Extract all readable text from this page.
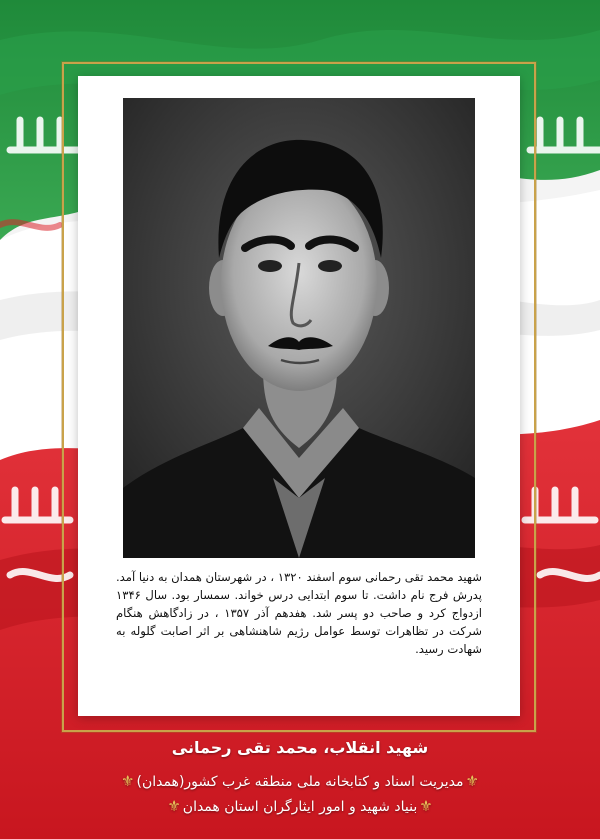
شهید محمد تقی رحمانی سوم اسفند ۱۳۲۰ ، در شهرستان همدان به دنیا آمد. پدرش فرج نام داشت. تا سوم ابتدایی درس خواند. سمسار بود. سال ۱۳۴۶ ازدواج کرد و صاحب دو پسر شد. هفدهم آذر ۱۳۵۷ ، در زادگاهش هنگام شرکت در تظاهرات توسط عوامل رژیم شاهنشاهی بر اثر اصابت گلوله به شهادت رسید.
شهید انقلاب، محمد تقی رحمانی
⚜مدیریت اسناد و کتابخانه ملی منطقه غرب کشور(همدان)⚜
⚜بنیاد شهید و امور ایثارگران استان همدان⚜
